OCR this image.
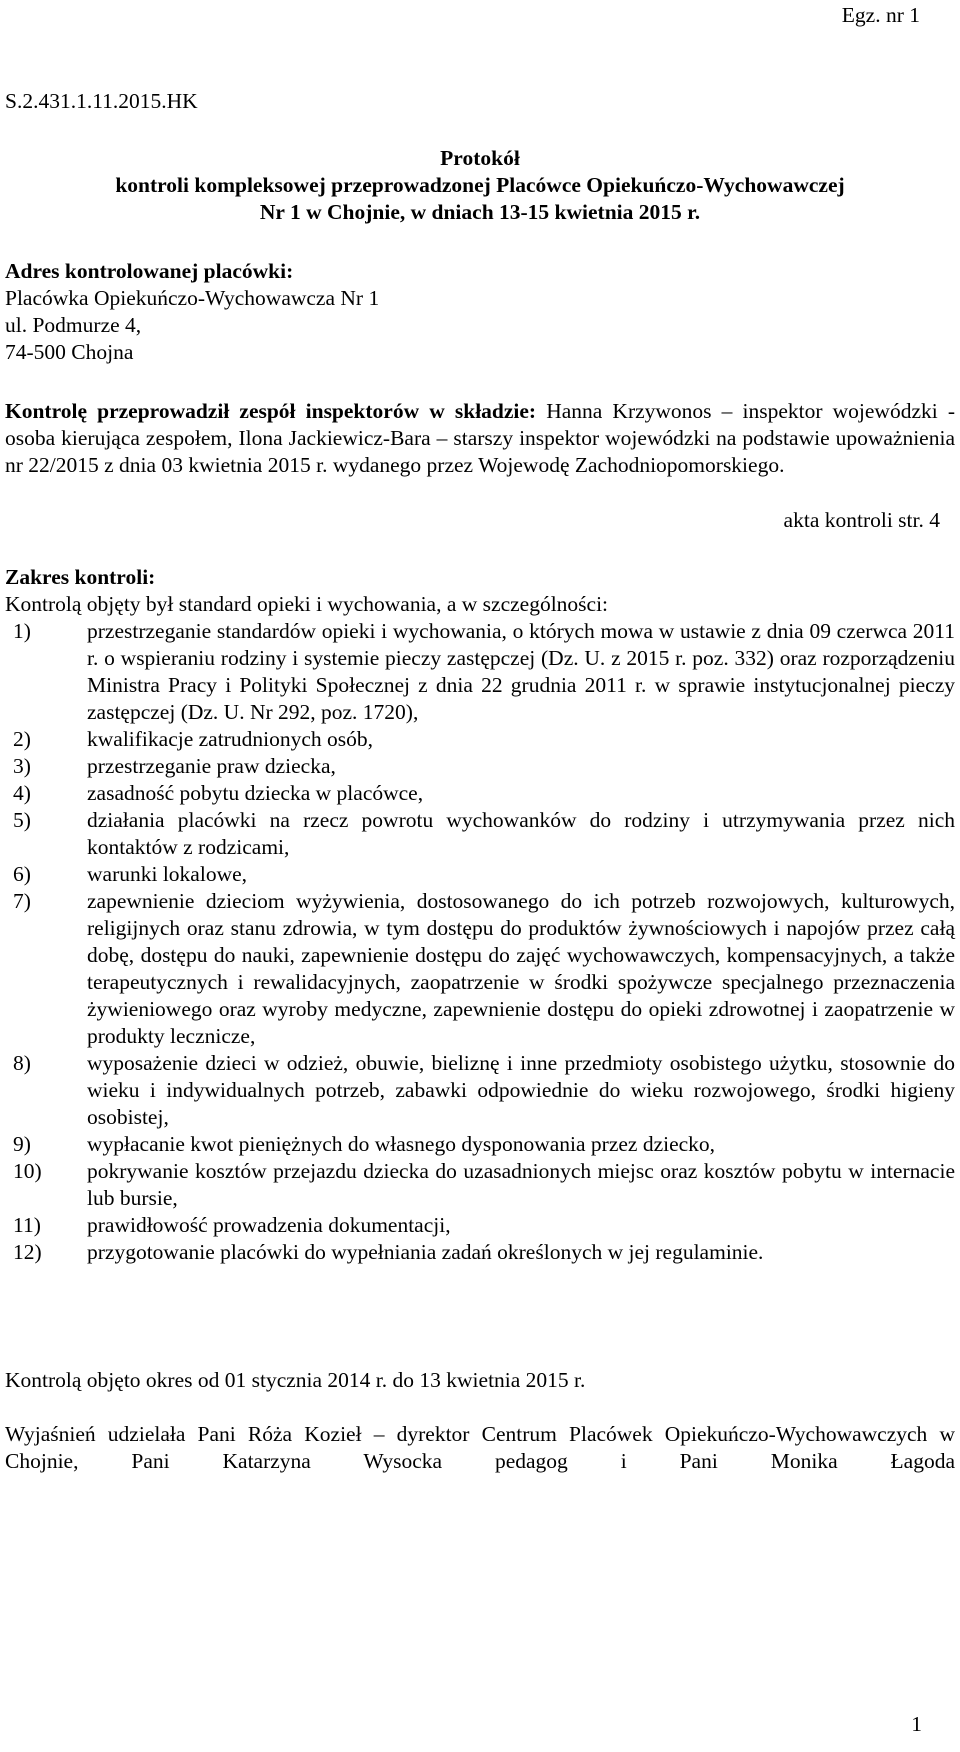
Egz. nr 1
S.2.431.1.11.2015.HK
Protokół
kontroli kompleksowej przeprowadzonej Placówce Opiekuńczo-Wychowawczej
Nr 1 w Chojnie, w dniach 13-15 kwietnia 2015 r.
Adres kontrolowanej placówki:
Placówka Opiekuńczo-Wychowawcza Nr 1
ul. Podmurze 4,
74-500 Chojna
Kontrolę przeprowadził zespół inspektorów w składzie: Hanna Krzywonos – inspektor wojewódzki - osoba kierująca zespołem, Ilona Jackiewicz-Bara – starszy inspektor wojewódzki na podstawie upoważnienia nr 22/2015 z dnia 03 kwietnia 2015 r. wydanego przez Wojewodę Zachodniopomorskiego.
akta kontroli str. 4
Zakres kontroli:
Kontrolą objęty był standard opieki i wychowania, a w szczególności:
1)	przestrzeganie standardów opieki i wychowania, o których mowa w ustawie z dnia 09 czerwca 2011 r. o wspieraniu rodziny i systemie pieczy zastępczej (Dz. U. z 2015 r. poz. 332) oraz rozporządzeniu Ministra Pracy i Polityki Społecznej z dnia 22 grudnia 2011 r. w sprawie instytucjonalnej pieczy zastępczej (Dz. U. Nr 292, poz. 1720),
2)	kwalifikacje zatrudnionych osób,
3)	przestrzeganie praw dziecka,
4)	zasadność pobytu dziecka w placówce,
5)	działania placówki na rzecz powrotu wychowanków do rodziny i utrzymywania przez nich kontaktów z rodzicami,
6)	warunki lokalowe,
7)	zapewnienie dzieciom wyżywienia, dostosowanego do ich potrzeb rozwojowych, kulturowych, religijnych oraz stanu zdrowia, w tym dostępu do produktów żywnościowych i napojów przez całą dobę, dostępu do nauki, zapewnienie dostępu do zajęć wychowawczych, kompensacyjnych, a także terapeutycznych i rewalidacyjnych, zaopatrzenie w środki spożywcze specjalnego przeznaczenia żywieniowego oraz wyroby medyczne, zapewnienie dostępu do opieki zdrowotnej i zaopatrzenie w produkty lecznicze,
8)	wyposażenie dzieci w odzież, obuwie, bieliznę i inne przedmioty osobistego użytku, stosownie do wieku i indywidualnych potrzeb, zabawki odpowiednie do wieku rozwojowego, środki higieny osobistej,
9)	wypłacanie kwot pieniężnych do własnego dysponowania przez dziecko,
10) pokrywanie kosztów przejazdu dziecka do uzasadnionych miejsc oraz kosztów pobytu w internacie lub bursie,
11) prawidłowość prowadzenia dokumentacji,
12) przygotowanie placówki do wypełniania zadań określonych w jej regulaminie.
Kontrolą objęto okres od 01 stycznia 2014 r. do 13 kwietnia 2015 r.
Wyjaśnień udzielała Pani Róża Kozieł – dyrektor Centrum Placówek Opiekuńczo-Wychowawczych w Chojnie, Pani Katarzyna Wysocka pedagog i Pani Monika Łagoda
1
